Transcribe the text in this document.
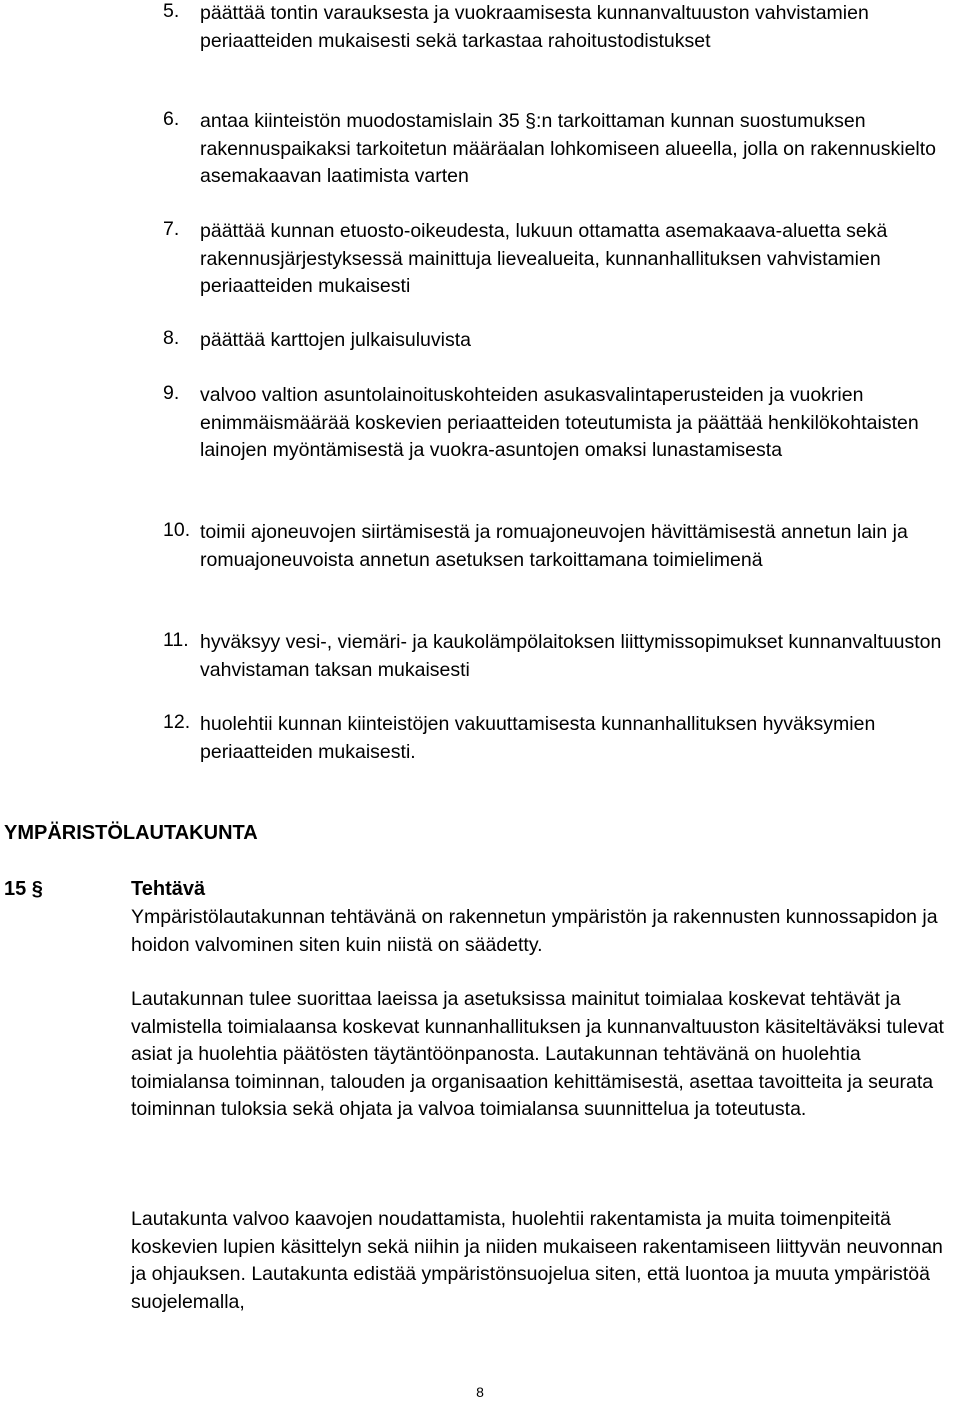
5. päättää tontin varauksesta ja vuokraamisesta kunnanvaltuuston vahvistamien periaatteiden mukaisesti sekä tarkastaa rahoitustodistukset
6. antaa kiinteistön muodostamislain 35 §:n tarkoittaman kunnan suostumuksen rakennuspaikaksi tarkoitetun määräalan lohkomiseen alueella, jolla on rakennuskielto asemakaavan laatimista varten
7. päättää kunnan etuosto-oikeudesta, lukuun ottamatta asemakaava-aluetta sekä rakennusjärjestyksessä mainittuja lievealueita, kunnanhallituksen vahvistamien periaatteiden mukaisesti
8. päättää karttojen julkaisuluvista
9. valvoo valtion asuntolainoituskohteiden asukasvalintaperusteiden ja vuokrien enimmäismäärää koskevien periaatteiden toteutumista ja päättää henkilökohtaisten lainojen myöntämisestä ja vuokra-asuntojen omaksi lunastamisesta
10. toimii ajoneuvojen siirtämisestä ja romuajoneuvojen hävittämisestä annetun lain ja romuajoneuvoista annetun asetuksen tarkoittamana toimielimenä
11. hyväksyy vesi-, viemäri- ja kaukolämpölaitoksen liittymissopimukset kunnanvaltuuston vahvistaman taksan mukaisesti
12. huolehtii kunnan kiinteistöjen vakuuttamisesta kunnanhallituksen hyväksymien periaatteiden mukaisesti.
YMPÄRISTÖLAUTAKUNTA
15 §	Tehtävä
Ympäristölautakunnan tehtävänä on rakennetun ympäristön ja rakennusten kunnossapidon ja hoidon valvominen siten kuin niistä on säädetty.
Lautakunnan tulee suorittaa laeissa ja asetuksissa mainitut toimialaa koskevat tehtävät ja valmistella toimialaansa koskevat kunnanhallituksen ja kunnanvaltuuston käsiteltäväksi tulevat asiat ja huolehtia päätösten täytäntöönpanosta. Lautakunnan tehtävänä on huolehtia toimialansa toiminnan, talouden ja organisaation kehittämisestä, asettaa tavoitteita ja seurata toiminnan tuloksia sekä ohjata ja valvoa toimialansa suunnittelua ja toteutusta.
Lautakunta valvoo kaavojen noudattamista, huolehtii rakentamista ja muita toimenpiteitä koskevien lupien käsittelyn sekä niihin ja niiden mukaiseen rakentamiseen liittyvän neuvonnan ja ohjauksen. Lautakunta edistää ympäristönsuojelua siten, että luontoa ja muuta ympäristöä suojelemalla,
8
